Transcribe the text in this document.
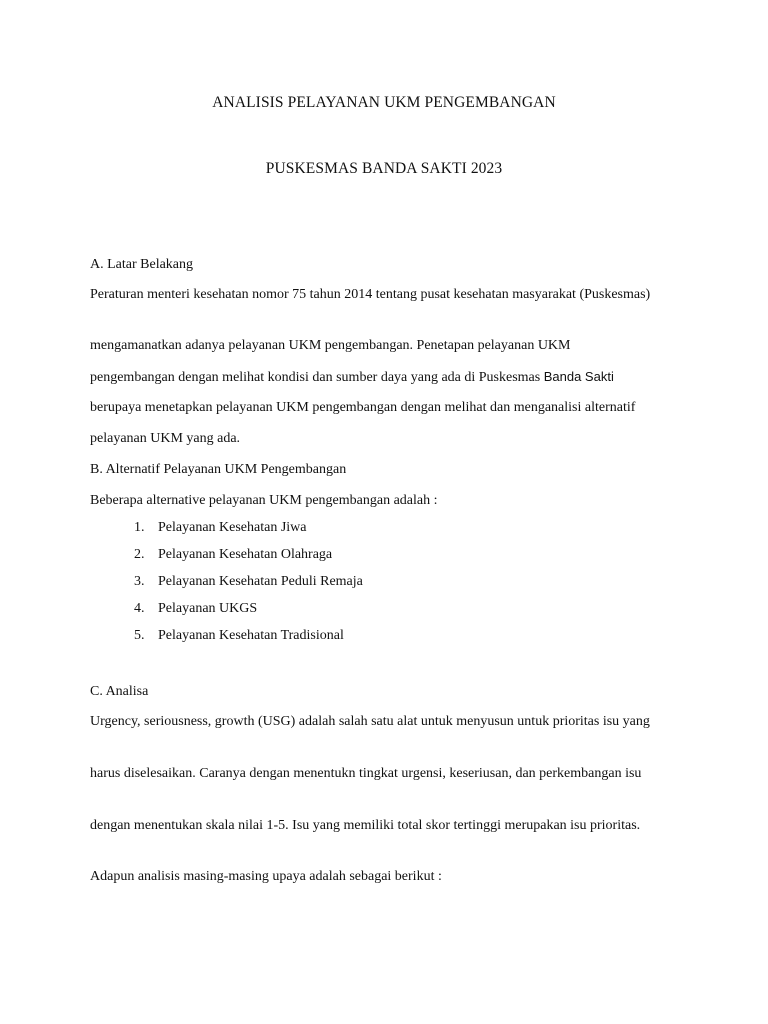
ANALISIS PELAYANAN UKM PENGEMBANGAN
PUSKESMAS BANDA SAKTI 2023
A. Latar Belakang
Peraturan menteri kesehatan nomor 75 tahun 2014 tentang pusat kesehatan masyarakat (Puskesmas)
mengamanatkan adanya pelayanan UKM pengembangan. Penetapan pelayanan UKM
pengembangan dengan melihat kondisi dan sumber daya yang ada di Puskesmas Banda Sakti
berupaya menetapkan pelayanan UKM pengembangan dengan melihat dan menganalisi alternatif
pelayanan UKM yang ada.
B. Alternatif Pelayanan UKM Pengembangan
Beberapa alternative pelayanan UKM pengembangan adalah :
1. Pelayanan Kesehatan Jiwa
2. Pelayanan Kesehatan Olahraga
3. Pelayanan Kesehatan Peduli Remaja
4. Pelayanan UKGS
5. Pelayanan Kesehatan Tradisional
C. Analisa
Urgency, seriousness, growth (USG) adalah salah satu alat untuk menyusun untuk prioritas isu yang
harus diselesaikan. Caranya dengan menentukn tingkat urgensi, keseriusan, dan perkembangan isu
dengan menentukan skala nilai 1-5. Isu yang memiliki total skor tertinggi merupakan isu prioritas.
Adapun analisis masing-masing upaya adalah sebagai berikut :
